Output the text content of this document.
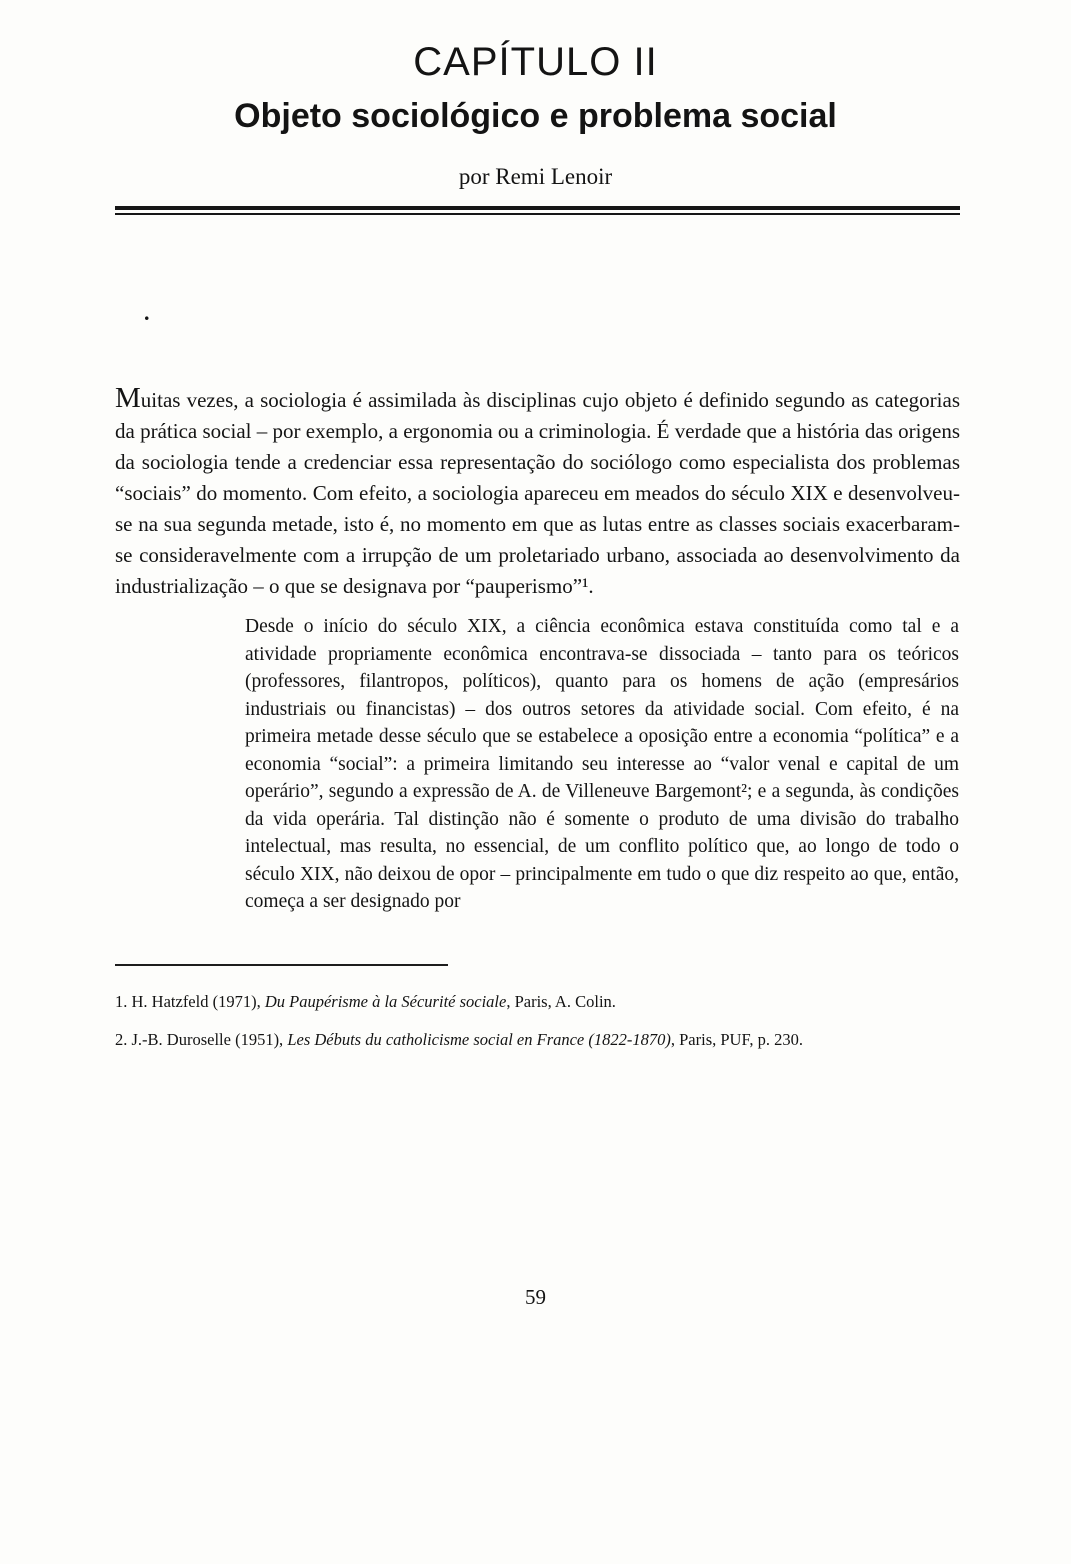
CAPÍTULO II
Objeto sociológico e problema social
por Remi Lenoir
.

Muitas vezes, a sociologia é assimilada às disciplinas cujo objeto é definido segundo as categorias da prática social – por exemplo, a ergonomia ou a criminologia. É verdade que a história das origens da sociologia tende a credenciar essa representação do sociólogo como especialista dos problemas “sociais” do momento. Com efeito, a sociologia apareceu em meados do século XIX e desenvolveu-se na sua segunda metade, isto é, no momento em que as lutas entre as classes sociais exacerbaram-se consideravelmente com a irrupção de um proletariado urbano, associada ao desenvolvimento da industrialização – o que se designava por “pauperismo”¹.

Desde o início do século XIX, a ciência econômica estava constituída como tal e a atividade propriamente econômica encontrava-se dissociada – tanto para os teóricos (professores, filantropos, políticos), quanto para os homens de ação (empresários industriais ou financistas) – dos outros setores da atividade social. Com efeito, é na primeira metade desse século que se estabelece a oposição entre a economia “política” e a economia “social”: a primeira limitando seu interesse ao “valor venal e capital de um operário”, segundo a expressão de A. de Villeneuve Bargemont²; e a segunda, às condições da vida operária. Tal distinção não é somente o produto de uma divisão do trabalho intelectual, mas resulta, no essencial, de um conflito político que, ao longo de todo o século XIX, não deixou de opor – principalmente em tudo o que diz respeito ao que, então, começa a ser designado por

1. H. Hatzfeld (1971), Du Paupérisme à la Sécurité sociale, Paris, A. Colin.
2. J.-B. Duroselle (1951), Les Débuts du catholicisme social en France (1822-1870), Paris, PUF, p. 230.
59
